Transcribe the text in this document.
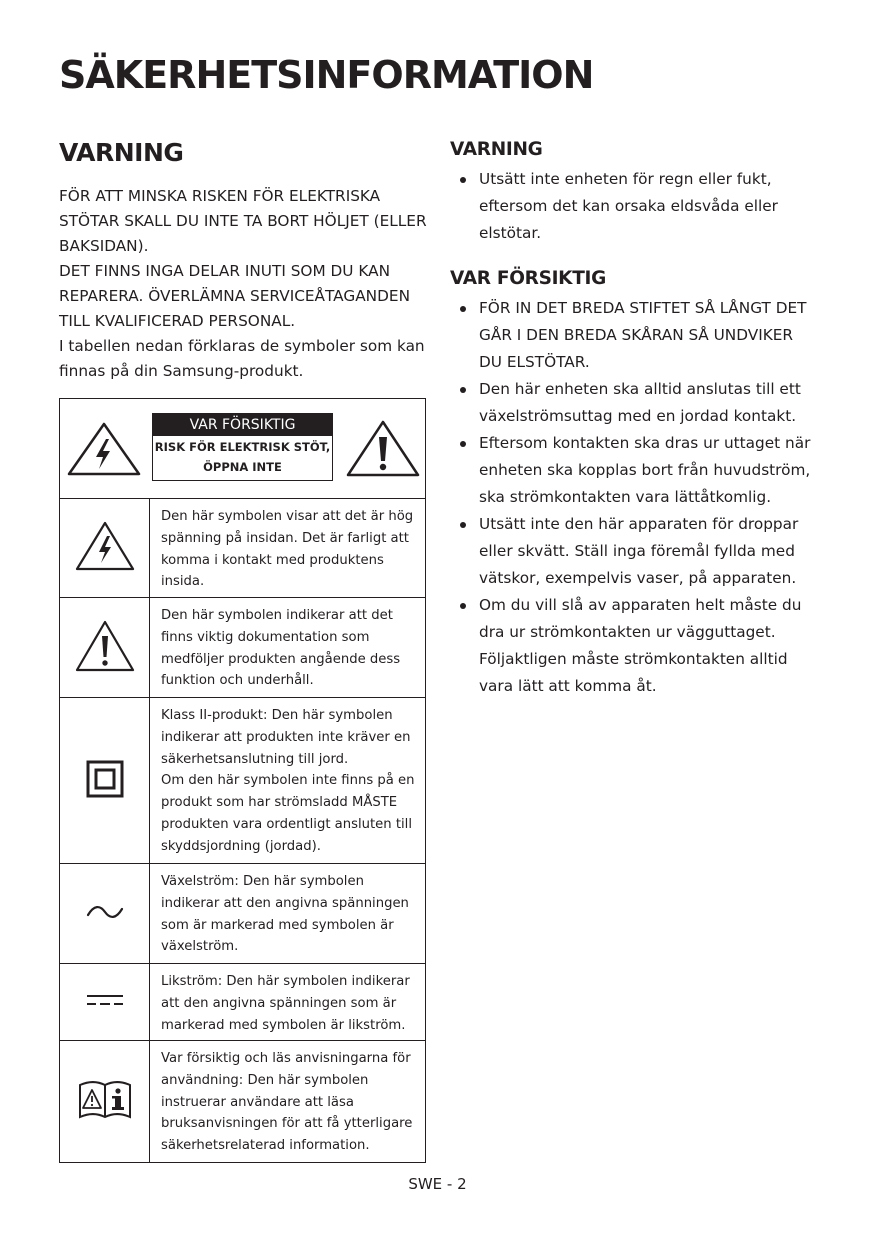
SÄKERHETSINFORMATION
VARNING

FÖR ATT MINSKA RISKEN FÖR ELEKTRISKA STÖTAR SKALL DU INTE TA BORT HÖLJET (ELLER BAKSIDAN).

DET FINNS INGA DELAR INUTI SOM DU KAN REPARERA. ÖVERLÄMNA SERVICEÅTAGANDEN TILL KVALIFICERAD PERSONAL.

I tabellen nedan förklaras de symboler som kan finnas på din Samsung-produkt.

VAR FÖRSIKTIG
RISK FÖR ELEKTRISK STÖT,
ÖPPNA INTE
Den här symbolen visar att det är hög spänning på insidan. Det är farligt att komma i kontakt med produktens insida.
Den här symbolen indikerar att det finns viktig dokumentation som medföljer produkten angående dess funktion och underhåll.
Klass II-produkt: Den här symbolen indikerar att produkten inte kräver en säkerhetsanslutning till jord.
Om den här symbolen inte finns på en produkt som har strömsladd MÅSTE produkten vara ordentligt ansluten till skyddsjordning (jordad).
Växelström: Den här symbolen indikerar att den angivna spänningen som är markerad med symbolen är växelström.
Likström: Den här symbolen indikerar att den angivna spänningen som är markerad med symbolen är likström.
Var försiktig och läs anvisningarna för användning: Den här symbolen instruerar användare att läsa bruksanvisningen för att få ytterligare säkerhetsrelaterad information.
VARNING
Utsätt inte enheten för regn eller fukt, eftersom det kan orsaka eldsvåda eller elstötar.
VAR FÖRSIKTIG
FÖR IN DET BREDA STIFTET SÅ LÅNGT DET GÅR I DEN BREDA SKÅRAN SÅ UNDVIKER DU ELSTÖTAR.
Den här enheten ska alltid anslutas till ett växelströmsuttag med en jordad kontakt.
Eftersom kontakten ska dras ur uttaget när enheten ska kopplas bort från huvudström, ska strömkontakten vara lättåtkomlig.
Utsätt inte den här apparaten för droppar eller skvätt. Ställ inga föremål fyllda med vätskor, exempelvis vaser, på apparaten.
Om du vill slå av apparaten helt måste du dra ur strömkontakten ur vägguttaget. Följaktligen måste strömkontakten alltid vara lätt att komma åt.
SWE - 2
